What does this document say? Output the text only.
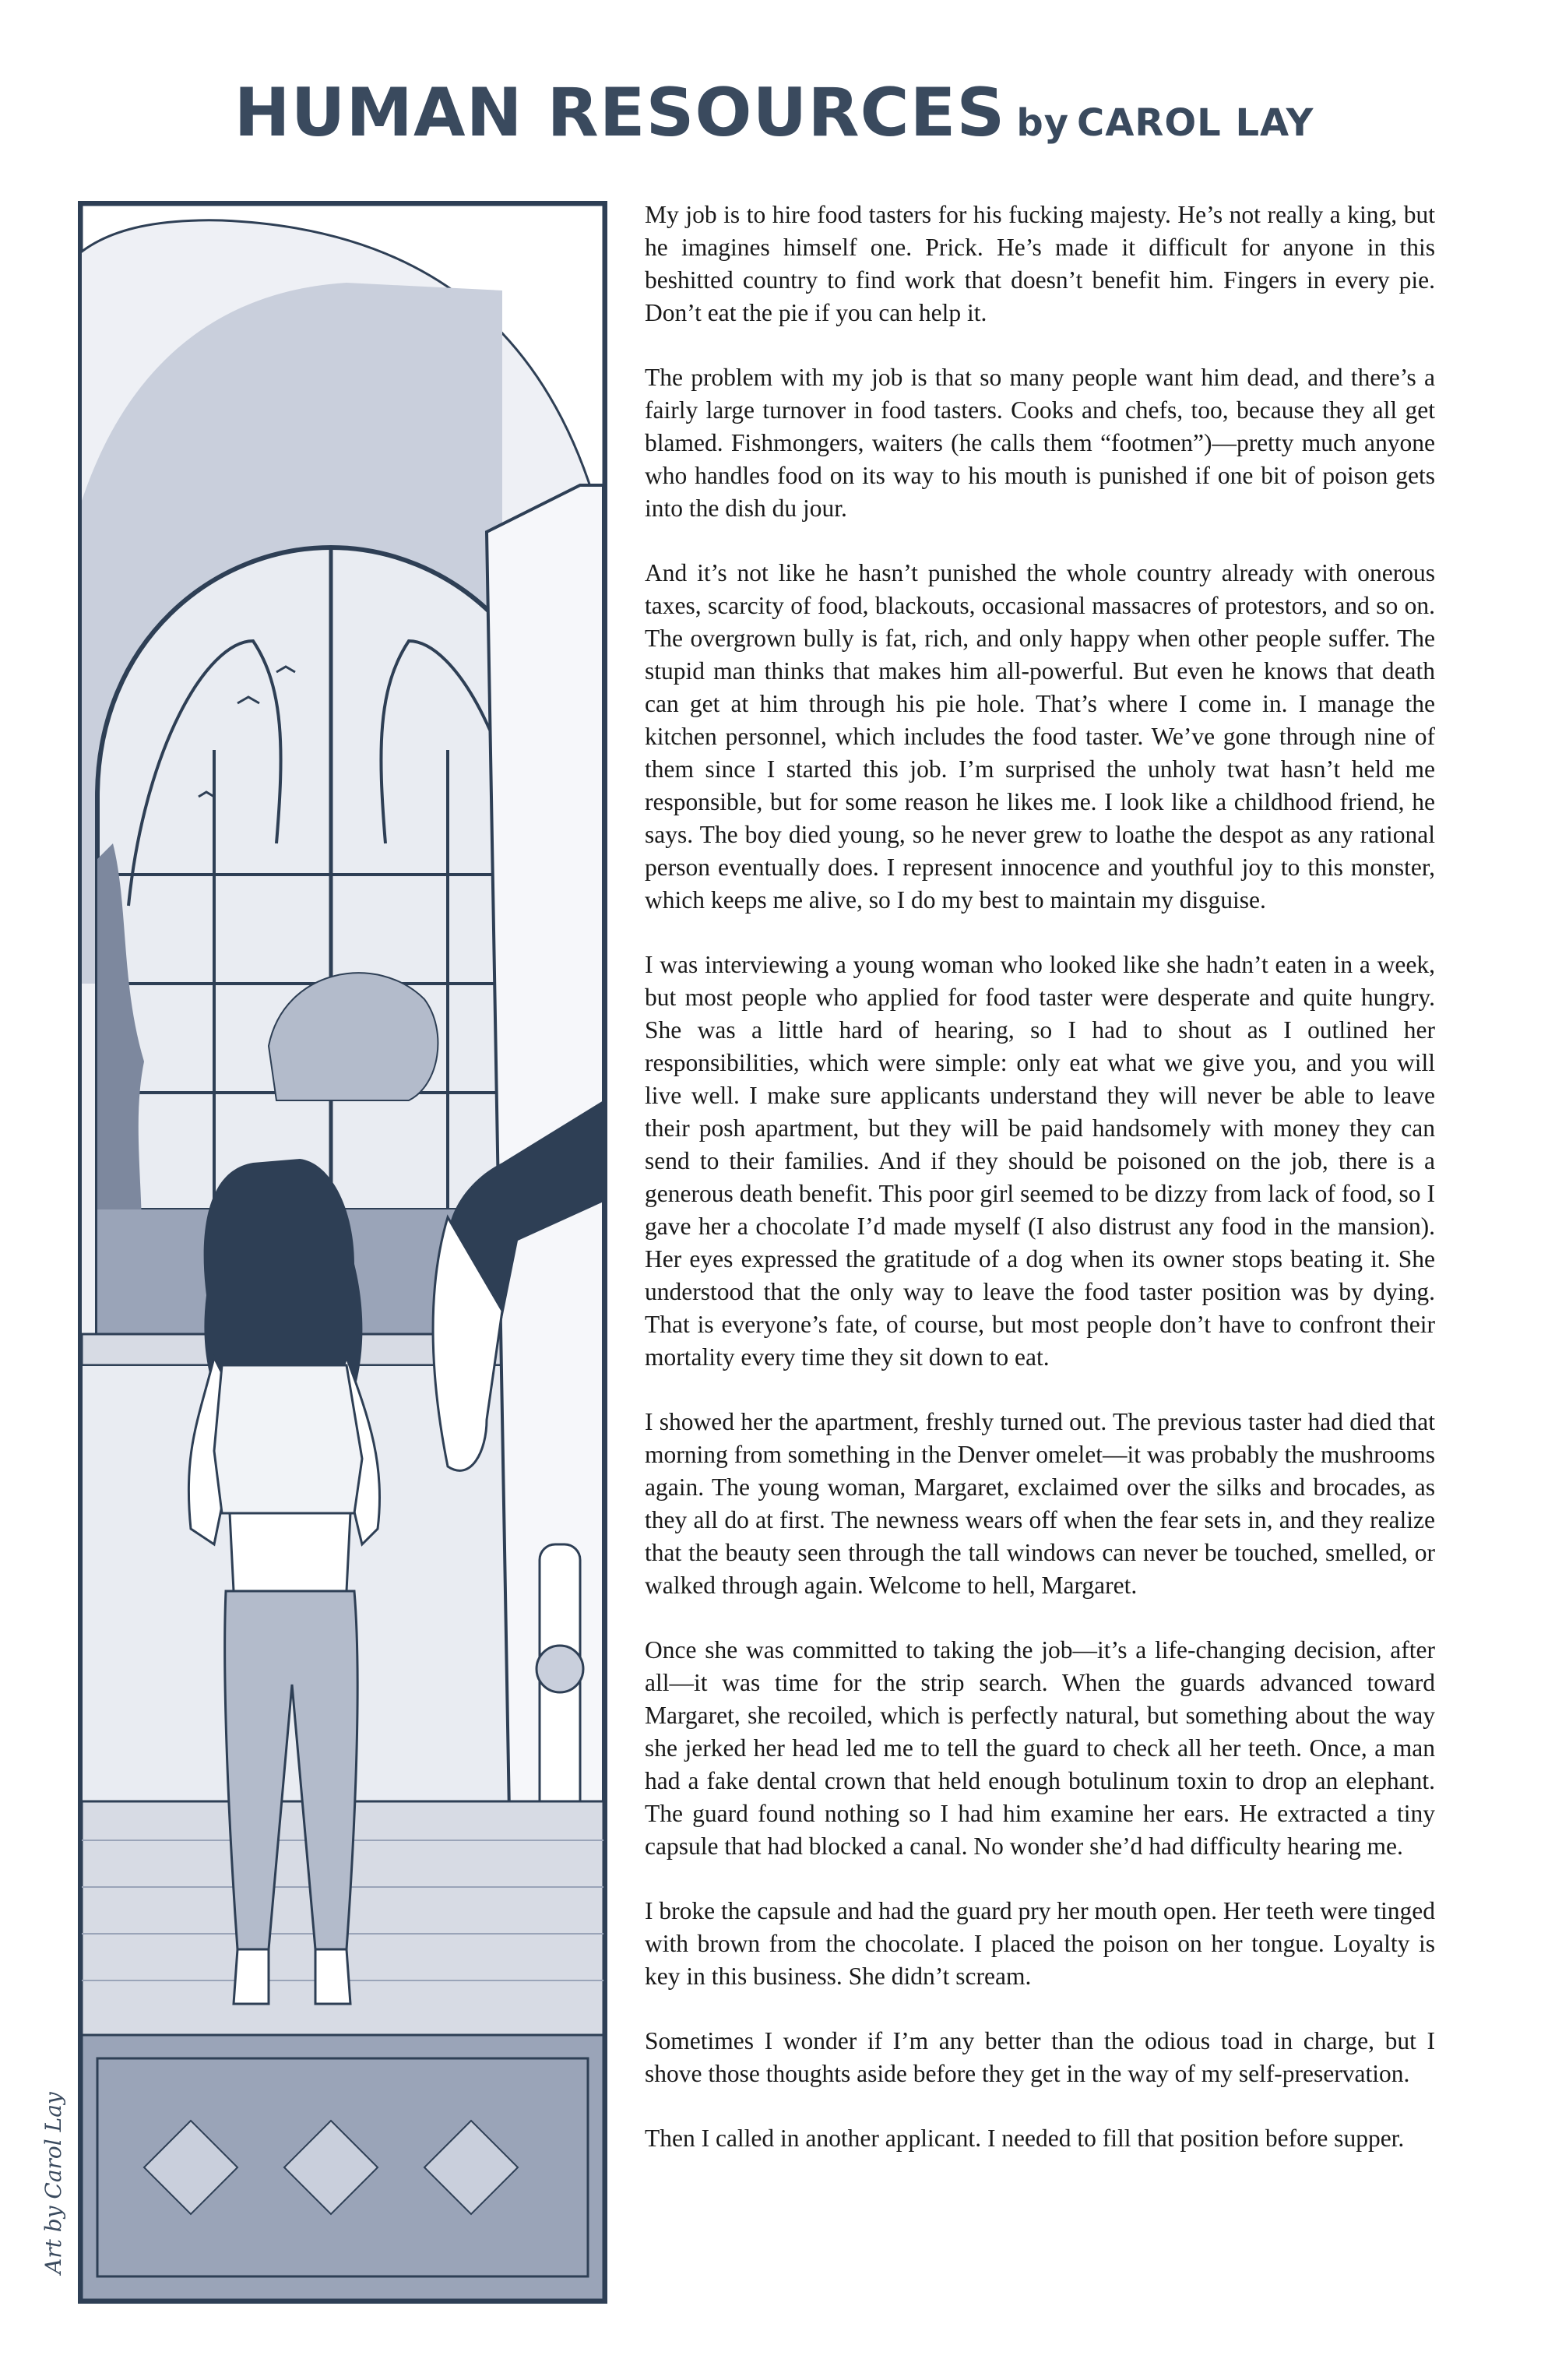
HUMAN RESOURCES by CAROL LAY
Art by Carol Lay

My job is to hire food tasters for his fucking majesty. He’s not really a king, but he imagines himself one. Prick. He’s made it difficult for anyone in this beshitted country to find work that doesn’t benefit him. Fingers in every pie. Don’t eat the pie if you can help it.

The problem with my job is that so many people want him dead, and there’s a fairly large turnover in food tasters. Cooks and chefs, too, because they all get blamed. Fishmongers, waiters (he calls them “footmen”)—pretty much anyone who handles food on its way to his mouth is punished if one bit of poison gets into the dish du jour.

And it’s not like he hasn’t punished the whole country already with onerous taxes, scarcity of food, blackouts, occasional massacres of protestors, and so on. The overgrown bully is fat, rich, and only happy when other people suffer. The stupid man thinks that makes him all-powerful. But even he knows that death can get at him through his pie hole. That’s where I come in. I manage the kitchen personnel, which includes the food taster. We’ve gone through nine of them since I started this job. I’m surprised the unholy twat hasn’t held me responsible, but for some reason he likes me. I look like a childhood friend, he says. The boy died young, so he never grew to loathe the despot as any rational person eventually does. I represent innocence and youthful joy to this monster, which keeps me alive, so I do my best to maintain my disguise.

I was interviewing a young woman who looked like she hadn’t eaten in a week, but most people who applied for food taster were desperate and quite hungry. She was a little hard of hearing, so I had to shout as I outlined her responsibilities, which were simple: only eat what we give you, and you will live well. I make sure applicants understand they will never be able to leave their posh apartment, but they will be paid handsomely with money they can send to their families. And if they should be poisoned on the job, there is a generous death benefit. This poor girl seemed to be dizzy from lack of food, so I gave her a chocolate I’d made myself (I also distrust any food in the mansion). Her eyes expressed the gratitude of a dog when its owner stops beating it. She understood that the only way to leave the food taster position was by dying. That is everyone’s fate, of course, but most people don’t have to confront their mortality every time they sit down to eat.

I showed her the apartment, freshly turned out. The previous taster had died that morning from something in the Denver omelet—it was probably the mushrooms again. The young woman, Margaret, exclaimed over the silks and brocades, as they all do at first. The newness wears off when the fear sets in, and they realize that the beauty seen through the tall windows can never be touched, smelled, or walked through again. Welcome to hell, Margaret.

Once she was committed to taking the job—it’s a life-changing decision, after all—it was time for the strip search. When the guards advanced toward Margaret, she recoiled, which is perfectly natural, but something about the way she jerked her head led me to tell the guard to check all her teeth. Once, a man had a fake dental crown that held enough botulinum toxin to drop an elephant. The guard found nothing so I had him examine her ears. He extracted a tiny capsule that had blocked a canal. No wonder she’d had difficulty hearing me.

I broke the capsule and had the guard pry her mouth open. Her teeth were tinged with brown from the chocolate. I placed the poison on her tongue. Loyalty is key in this business. She didn’t scream.

Sometimes I wonder if I’m any better than the odious toad in charge, but I shove those thoughts aside before they get in the way of my self-preservation.

Then I called in another applicant. I needed to fill that position before supper.
